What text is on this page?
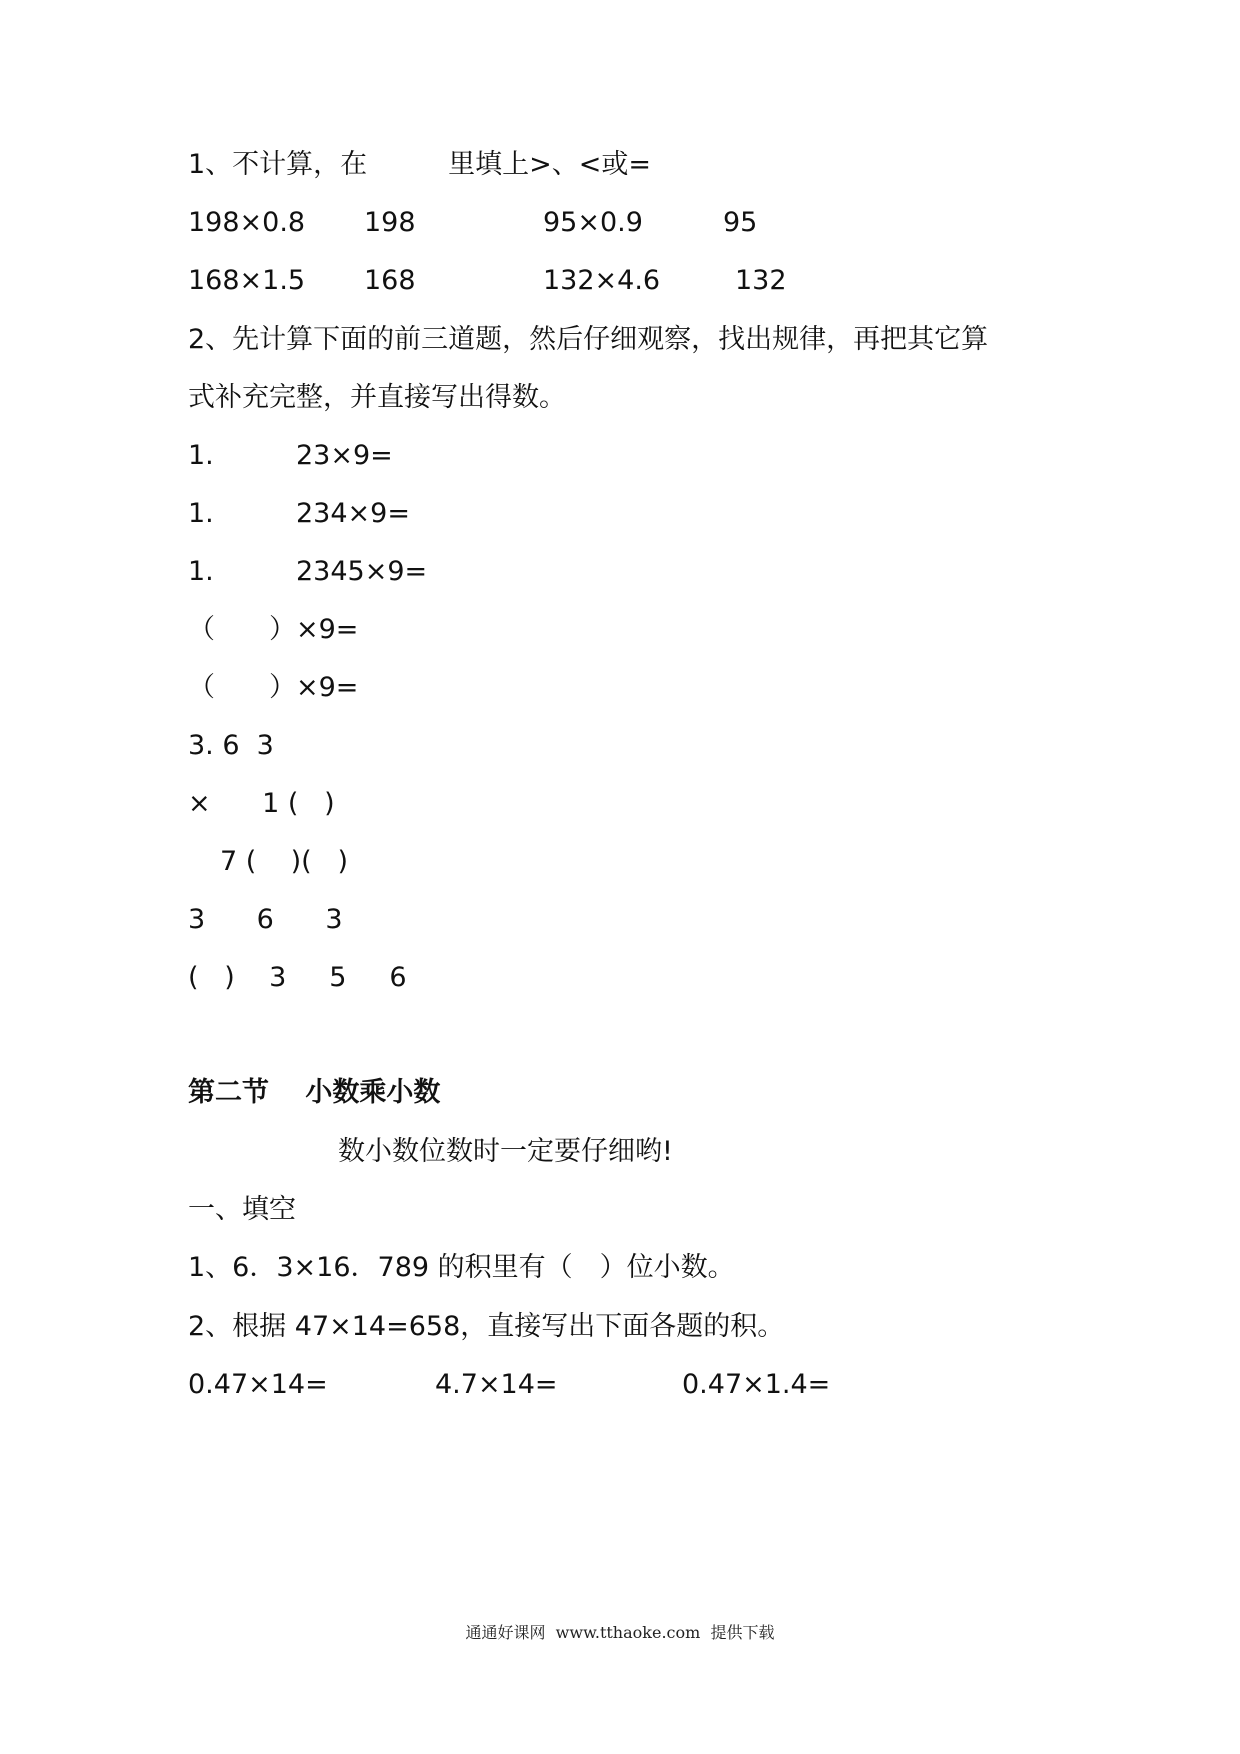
1、不计算，在　　　里填上>、<或=
198×0.8 198	95×0.9	95
168×1.5 168	132×4.6	132
2、先计算下面的前三道题，然后仔细观察，找出规律，再把其它算
式补充完整，并直接写出得数。
1.	23×9=
1.	234×9=
1.	2345×9=
（　　）×9=
（　　）×9=
3. 6  3
×      1 (   )
7 (    )(   )
3      6      3
(   )    3     5     6
第二节　 小数乘小数
数小数位数时一定要仔细哟!
一、填空
1、6．3×16．789 的积里有（　）位小数。
2、根据 47×14=658，直接写出下面各题的积。
0.47×14=	4.7×14=	0.47×1.4=
通通好课网  www.tthaoke.com  提供下载
